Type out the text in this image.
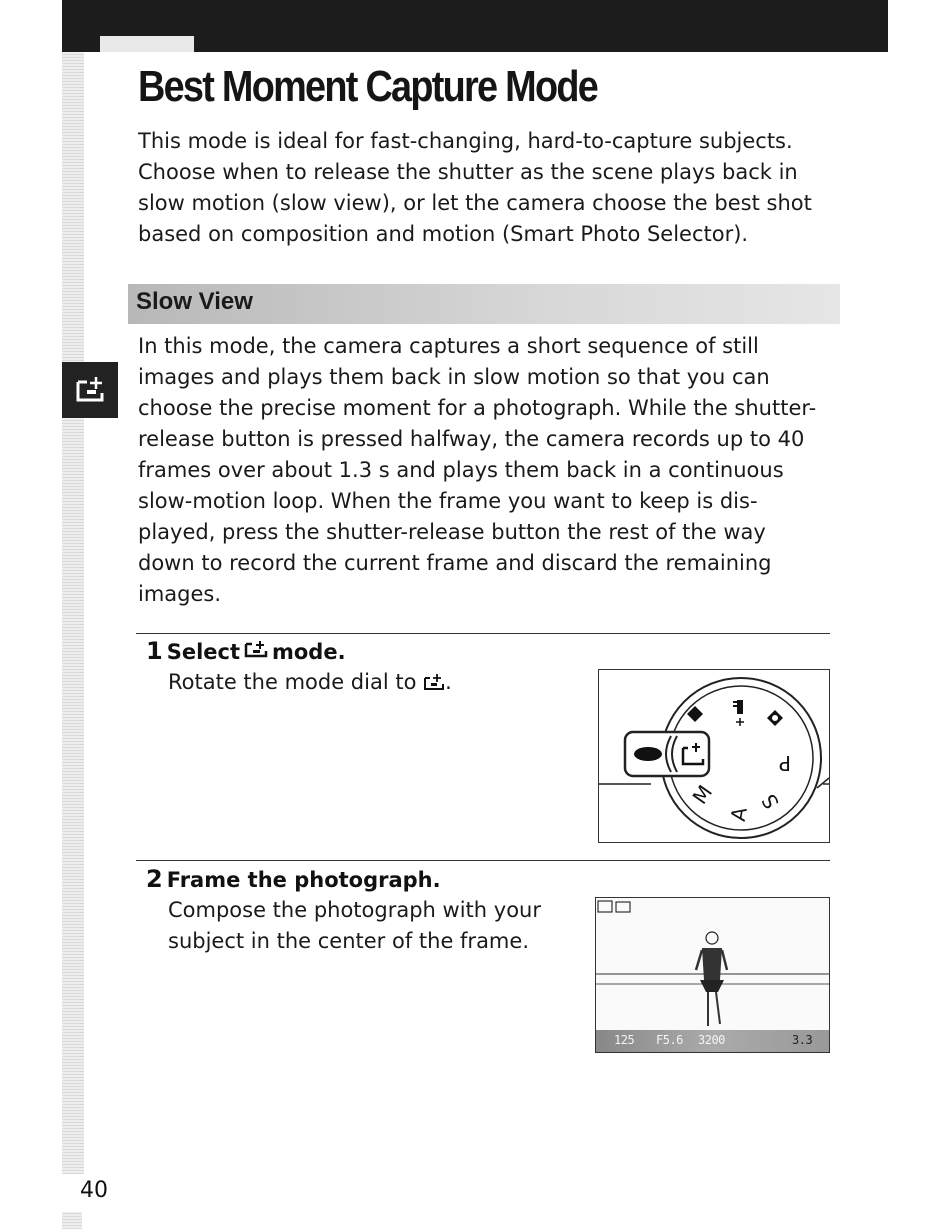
Best Moment Capture Mode
This mode is ideal for fast-changing, hard-to-capture subjects.
Choose when to release the shutter as the scene plays back in
slow motion (slow view), or let the camera choose the best shot
based on composition and motion (Smart Photo Selector).
Slow View
In this mode, the camera captures a short sequence of still
images and plays them back in slow motion so that you can
choose the precise moment for a photograph. While the shutter-
release button is pressed halfway, the camera records up to 40
frames over about 1.3 s and plays them back in a continuous
slow-motion loop. When the frame you want to keep is dis-
played, press the shutter-release button the rest of the way
down to record the current frame and discard the remaining
images.
1 Select mode.
Rotate the mode dial to .
M
A
S
P
2 Frame the photograph.
Compose the photograph with your
subject in the center of the frame.
125 F5.6 3200	3.3

40
